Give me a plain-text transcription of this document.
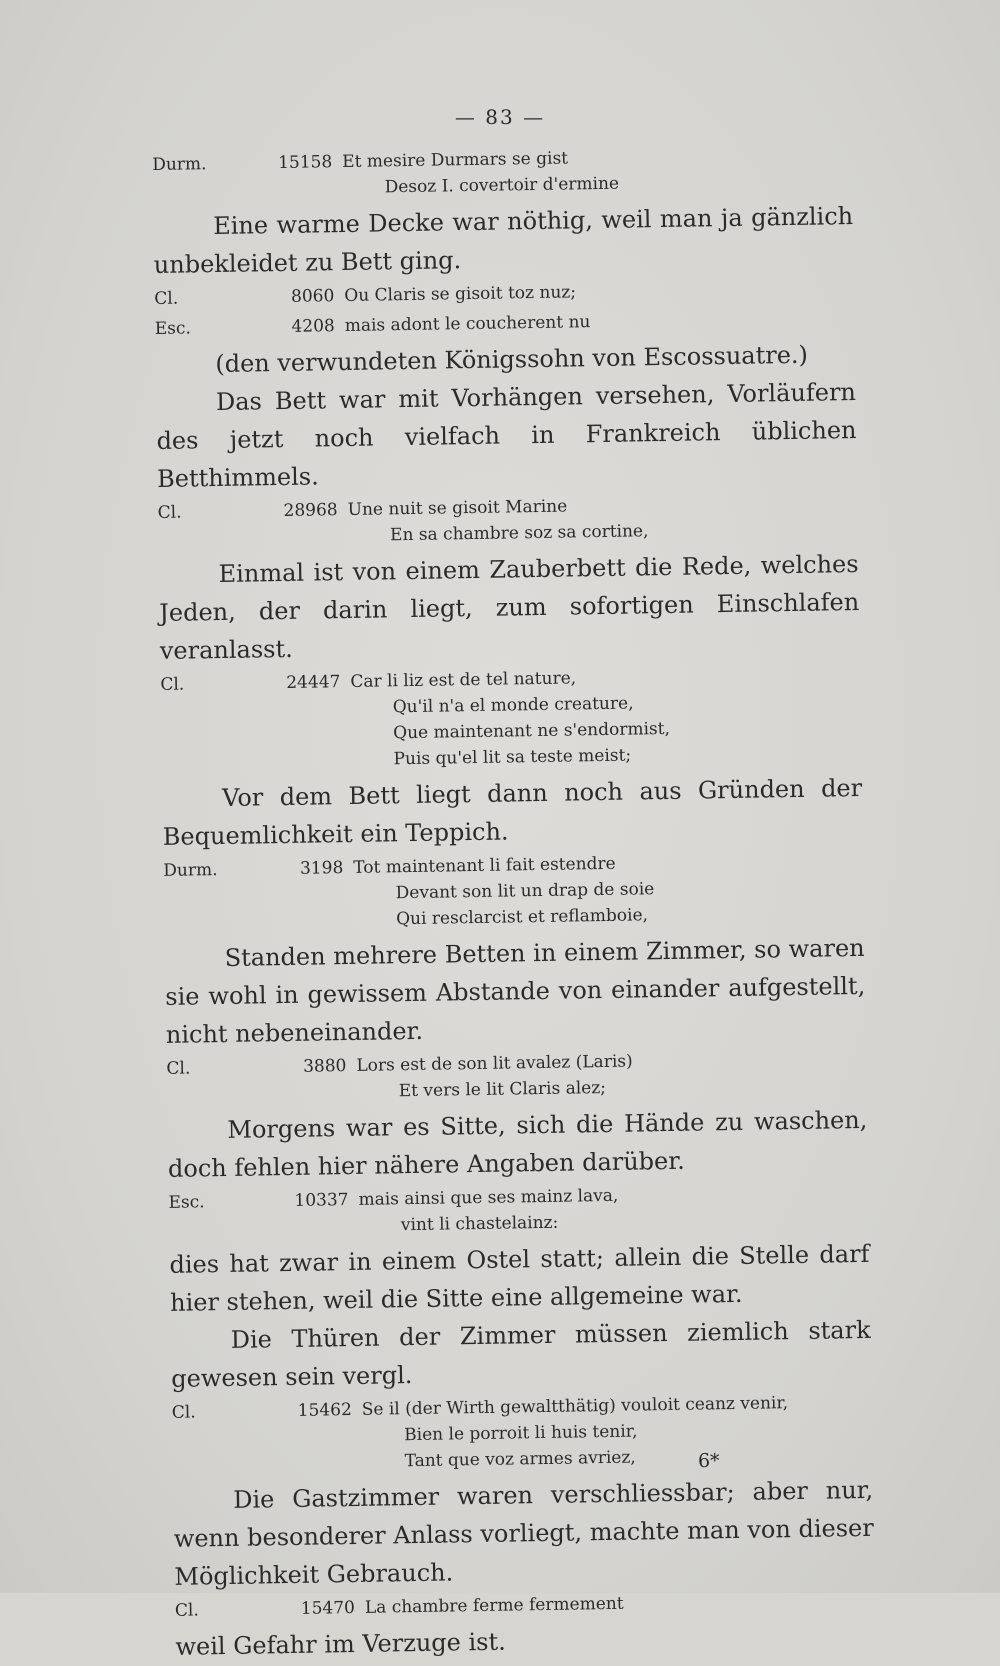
— 83 —
Durm.	15158 Et mesire Durmars se gist
Desoz I. covertoir d'ermine

Eine warme Decke war nöthig, weil man ja gänzlich unbekleidet zu Bett ging.

Cl.	8060 Ou Claris se gisoit toz nuz;
Esc.	4208 mais adont le coucherent nu

(den verwundeten Königssohn von Escossuatre.)

Das Bett war mit Vorhängen versehen, Vorläufern des jetzt noch vielfach in Frankreich üblichen Betthimmels.

Cl.	28968 Une nuit se gisoit Marine
En sa chambre soz sa cortine,

Einmal ist von einem Zauberbett die Rede, welches Jeden, der darin liegt, zum sofortigen Einschlafen veranlasst.

Cl.	24447 Car li liz est de tel nature,
Qu'il n'a el monde creature,
Que maintenant ne s'endormist,
Puis qu'el lit sa teste meist;

Vor dem Bett liegt dann noch aus Gründen der Bequemlichkeit ein Teppich.

Durm.	3198 Tot maintenant li fait estendre
Devant son lit un drap de soie
Qui resclarcist et reflamboie,

Standen mehrere Betten in einem Zimmer, so waren sie wohl in gewissem Abstande von einander aufgestellt, nicht nebeneinander.

Cl.	3880 Lors est de son lit avalez (Laris)
Et vers le lit Claris alez;

Morgens war es Sitte, sich die Hände zu waschen, doch fehlen hier nähere Angaben darüber.

Esc.	10337 mais ainsi que ses mainz lava,
vint li chastelainz:

dies hat zwar in einem Ostel statt; allein die Stelle darf hier stehen, weil die Sitte eine allgemeine war.

Die Thüren der Zimmer müssen ziemlich stark gewesen sein vergl.

Cl.	15462 Se il (der Wirth gewaltthätig) vouloit ceanz venir,
Bien le porroit li huis tenir,
Tant que voz armes avriez,

Die Gastzimmer waren verschliessbar; aber nur, wenn besonderer Anlass vorliegt, machte man von dieser Möglichkeit Gebrauch.

Cl.	15470 La chambre ferme fermement

weil Gefahr im Verzuge ist.

6*
